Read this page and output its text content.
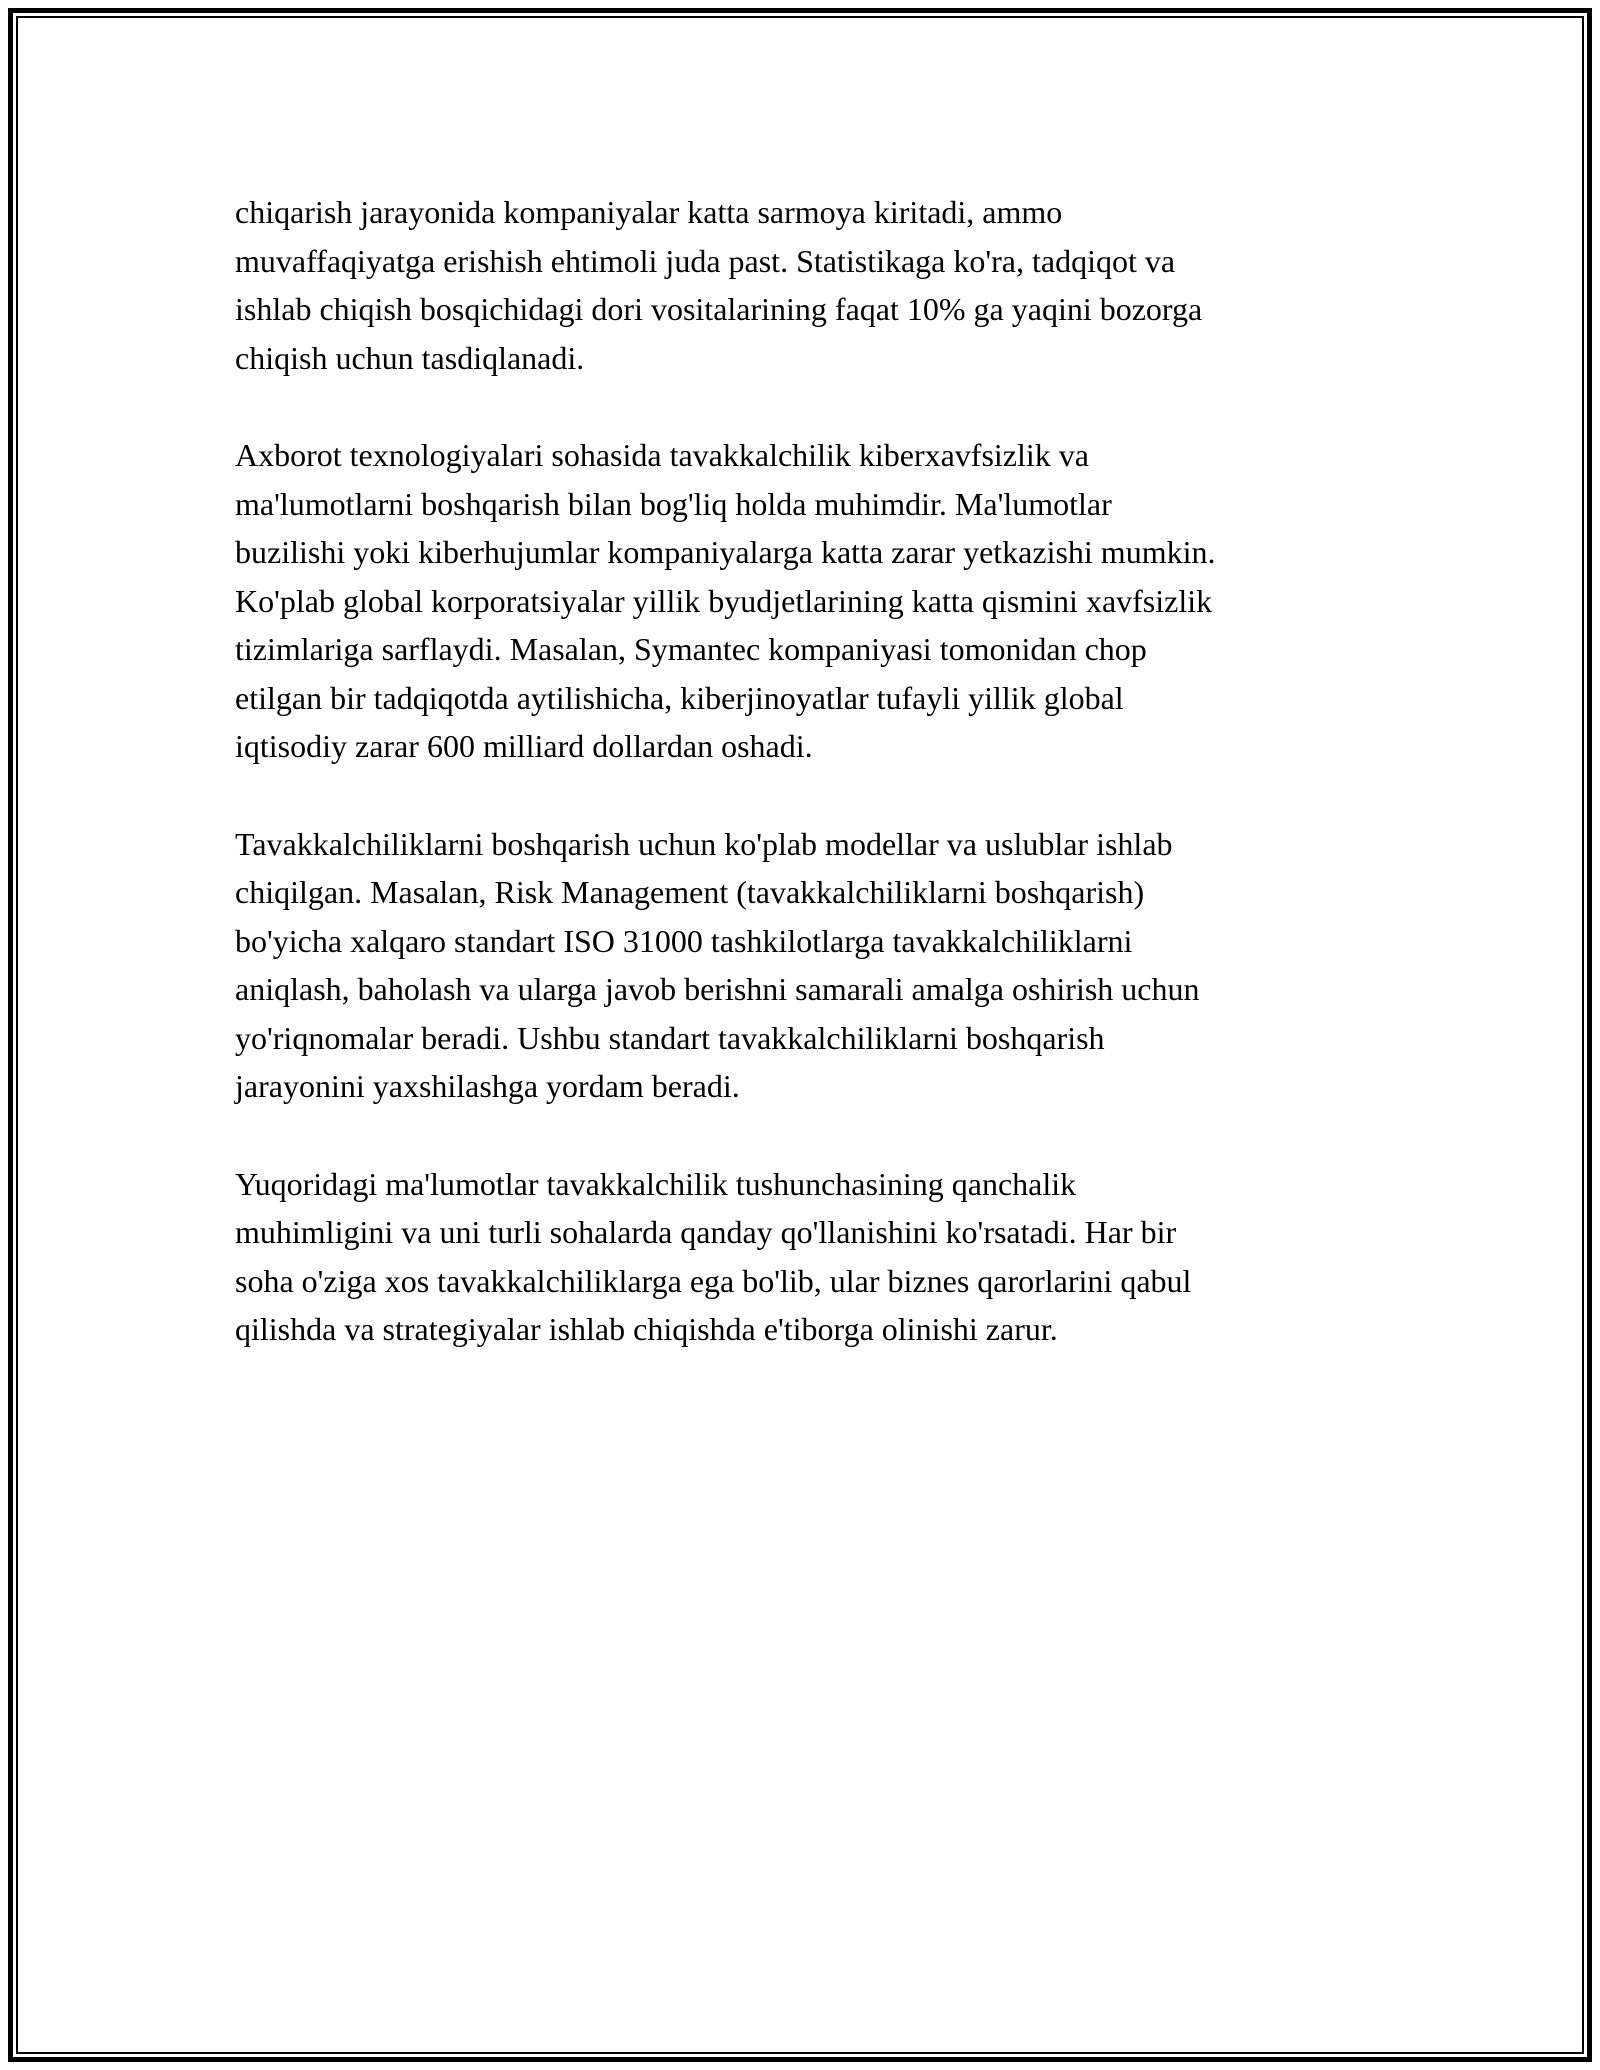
chiqarish jarayonida kompaniyalar katta sarmoya kiritadi, ammo
muvaffaqiyatga erishish ehtimoli juda past. Statistikaga ko'ra, tadqiqot va
ishlab chiqish bosqichidagi dori vositalarining faqat 10% ga yaqini bozorga
chiqish uchun tasdiqlanadi.

Axborot texnologiyalari sohasida tavakkalchilik kiberxavfsizlik va
ma'lumotlarni boshqarish bilan bog'liq holda muhimdir. Ma'lumotlar
buzilishi yoki kiberhujumlar kompaniyalarga katta zarar yetkazishi mumkin.
Ko'plab global korporatsiyalar yillik byudjetlarining katta qismini xavfsizlik
tizimlariga sarflaydi. Masalan, Symantec kompaniyasi tomonidan chop
etilgan bir tadqiqotda aytilishicha, kiberjinoyatlar tufayli yillik global
iqtisodiy zarar 600 milliard dollardan oshadi.

Tavakkalchiliklarni boshqarish uchun ko'plab modellar va uslublar ishlab
chiqilgan. Masalan, Risk Management (tavakkalchiliklarni boshqarish)
bo'yicha xalqaro standart ISO 31000 tashkilotlarga tavakkalchiliklarni
aniqlash, baholash va ularga javob berishni samarali amalga oshirish uchun
yo'riqnomalar beradi. Ushbu standart tavakkalchiliklarni boshqarish
jarayonini yaxshilashga yordam beradi.

Yuqoridagi ma'lumotlar tavakkalchilik tushunchasining qanchalik
muhimligini va uni turli sohalarda qanday qo'llanishini ko'rsatadi. Har bir
soha o'ziga xos tavakkalchiliklarga ega bo'lib, ular biznes qarorlarini qabul
qilishda va strategiyalar ishlab chiqishda e'tiborga olinishi zarur.
